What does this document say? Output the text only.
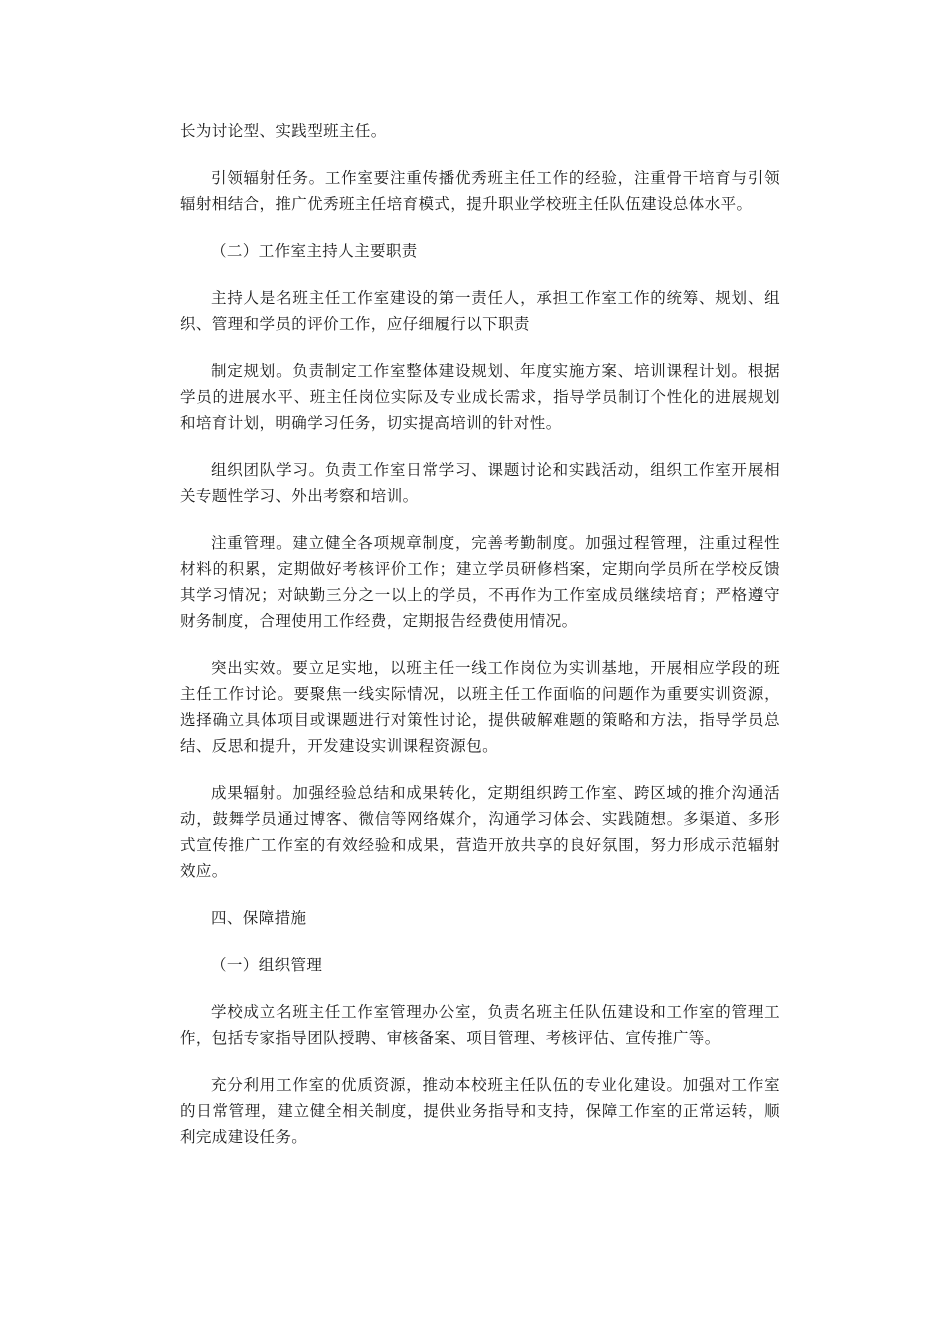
长为讨论型、实践型班主任。

引领辐射任务。工作室要注重传播优秀班主任工作的经验，注重骨干培育与引领辐射相结合，推广优秀班主任培育模式，提升职业学校班主任队伍建设总体水平。

（二）工作室主持人主要职责

主持人是名班主任工作室建设的第一责任人，承担工作室工作的统筹、规划、组织、管理和学员的评价工作，应仔细履行以下职责

制定规划。负责制定工作室整体建设规划、年度实施方案、培训课程计划。根据学员的进展水平、班主任岗位实际及专业成长需求，指导学员制订个性化的进展规划和培育计划，明确学习任务，切实提高培训的针对性。

组织团队学习。负责工作室日常学习、课题讨论和实践活动，组织工作室开展相关专题性学习、外出考察和培训。

注重管理。建立健全各项规章制度，完善考勤制度。加强过程管理，注重过程性材料的积累，定期做好考核评价工作；建立学员研修档案，定期向学员所在学校反馈其学习情况；对缺勤三分之一以上的学员，不再作为工作室成员继续培育；严格遵守财务制度，合理使用工作经费，定期报告经费使用情况。

突出实效。要立足实地，以班主任一线工作岗位为实训基地，开展相应学段的班主任工作讨论。要聚焦一线实际情况，以班主任工作面临的问题作为重要实训资源，选择确立具体项目或课题进行对策性讨论，提供破解难题的策略和方法，指导学员总结、反思和提升，开发建设实训课程资源包。

成果辐射。加强经验总结和成果转化，定期组织跨工作室、跨区域的推介沟通活动，鼓舞学员通过博客、微信等网络媒介，沟通学习体会、实践随想。多渠道、多形式宣传推广工作室的有效经验和成果，营造开放共享的良好氛围，努力形成示范辐射效应。

四、保障措施

（一）组织管理

学校成立名班主任工作室管理办公室，负责名班主任队伍建设和工作室的管理工作，包括专家指导团队授聘、审核备案、项目管理、考核评估、宣传推广等。

充分利用工作室的优质资源，推动本校班主任队伍的专业化建设。加强对工作室的日常管理，建立健全相关制度，提供业务指导和支持，保障工作室的正常运转，顺利完成建设任务。
